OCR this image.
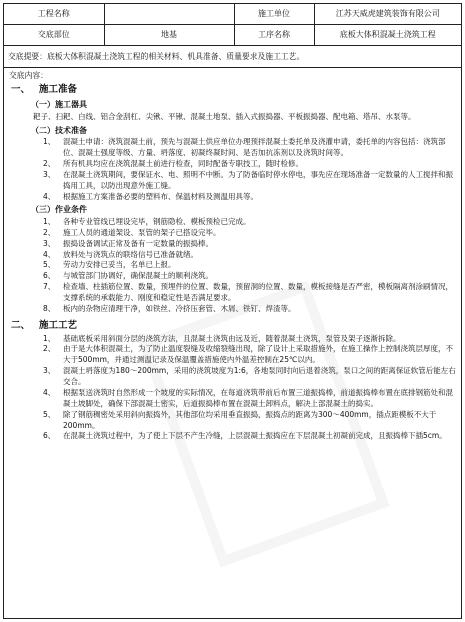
工程名称		施工单位	江苏天威虎建筑装饰有限公司
交底部位	地基	工序名称	底板大体积混凝土浇筑工程
交底提要：底板大体积混凝土浇筑工程的相关材料、机具准备、质量要求及施工工艺。
交底内容：
一、 施工准备
（一）施工器具
耙子、扫耙、白线、铝合金刮杠、尖锹、平锹、混凝土地泵、插入式振捣器、平板振捣器、配电箱、塔吊、水泵等。
（二）技术准备
1、	混凝土申请：浇筑混凝土前，预先与混凝土供应单位办理预拌混凝土委托单及浇灌申请，委托单的内容包括：浇筑部位、混凝土强度等级、方量、坍落度、初凝终凝时间、是否加抗冻剂以及浇筑时间等。
2、	所有机具均应在浇筑混凝土前进行检查，同时配备专职技工，随时检修。
3、	在混凝土浇筑期间，要保证水、电、照明不中断。为了防备临时停水停电，事先应在现场准备一定数量的人工搅拌和振捣用工具，以防出现意外施工缝。
4、	根据施工方案准备必要的塑料布、保温材料及测温用具等。
（三）作业条件
1、	各种专业管线已埋设完毕，钢筋隐检、模板预检已完成。
2、	施工人员的通道架设、泵管的架子已搭设完毕。
3、	振捣设备调试正常及备有一定数量的振捣棒。
4、	放料处与浇筑点的联络信号已准备就绪。
5、	劳动力安排已妥当，名单已上报。
6、	与城管部门协调好，确保混凝土的顺利浇筑。
7、	检查墙、柱插筋位置、数量，预埋件的位置、数量，预留洞的位置、数量，模板接缝是否严密，模板隔离剂涂刷情况，支撑系统的承载能力、刚度和稳定性是否满足要求。
8、	板内的杂物应清理干净，如铁丝、冷挤压套管、木屑、铁钉、焊渣等。
二、 施工工艺
1、	基础底板采用斜面分层的浇筑方法，且混凝土浇筑由远及近，随着混凝土浇筑，泵管及架子逐渐拆除。
2、	由于是大体积混凝土，为了防止温度裂缝及收缩裂缝出现，除了设计上采取措施外，在施工操作上控制浇筑层厚度，不大于500mm，并通过测温记录及保温覆盖措施使内外温差控制在25℃以内。
3、	混凝土坍落度为180～200mm，采用的浇筑坡度为1:6，各地泵同时向后退着浇筑，泵口之间的距离保证软管后能左右交合。
4、	根据泵送浇筑时自然形成一个坡度的实际情况，在每道浇筑带前后布置三道振捣棒，前道振捣棒布置在底排钢筋处和混凝土坡脚处，确保下部混凝土密实，后道振捣棒布置在混凝土卸料点，解决上部混凝土的捣实。
5、	除了钢筋稠密处采用斜向振捣外，其他部位均采用垂直振捣，振捣点的距离为300～400mm，插点距模板不大于200mm。
6、	在混凝土浇筑过程中，为了使上下层不产生冷缝，上层混凝土振捣应在下层混凝土初凝前完成，且振捣棒下插5cm。
